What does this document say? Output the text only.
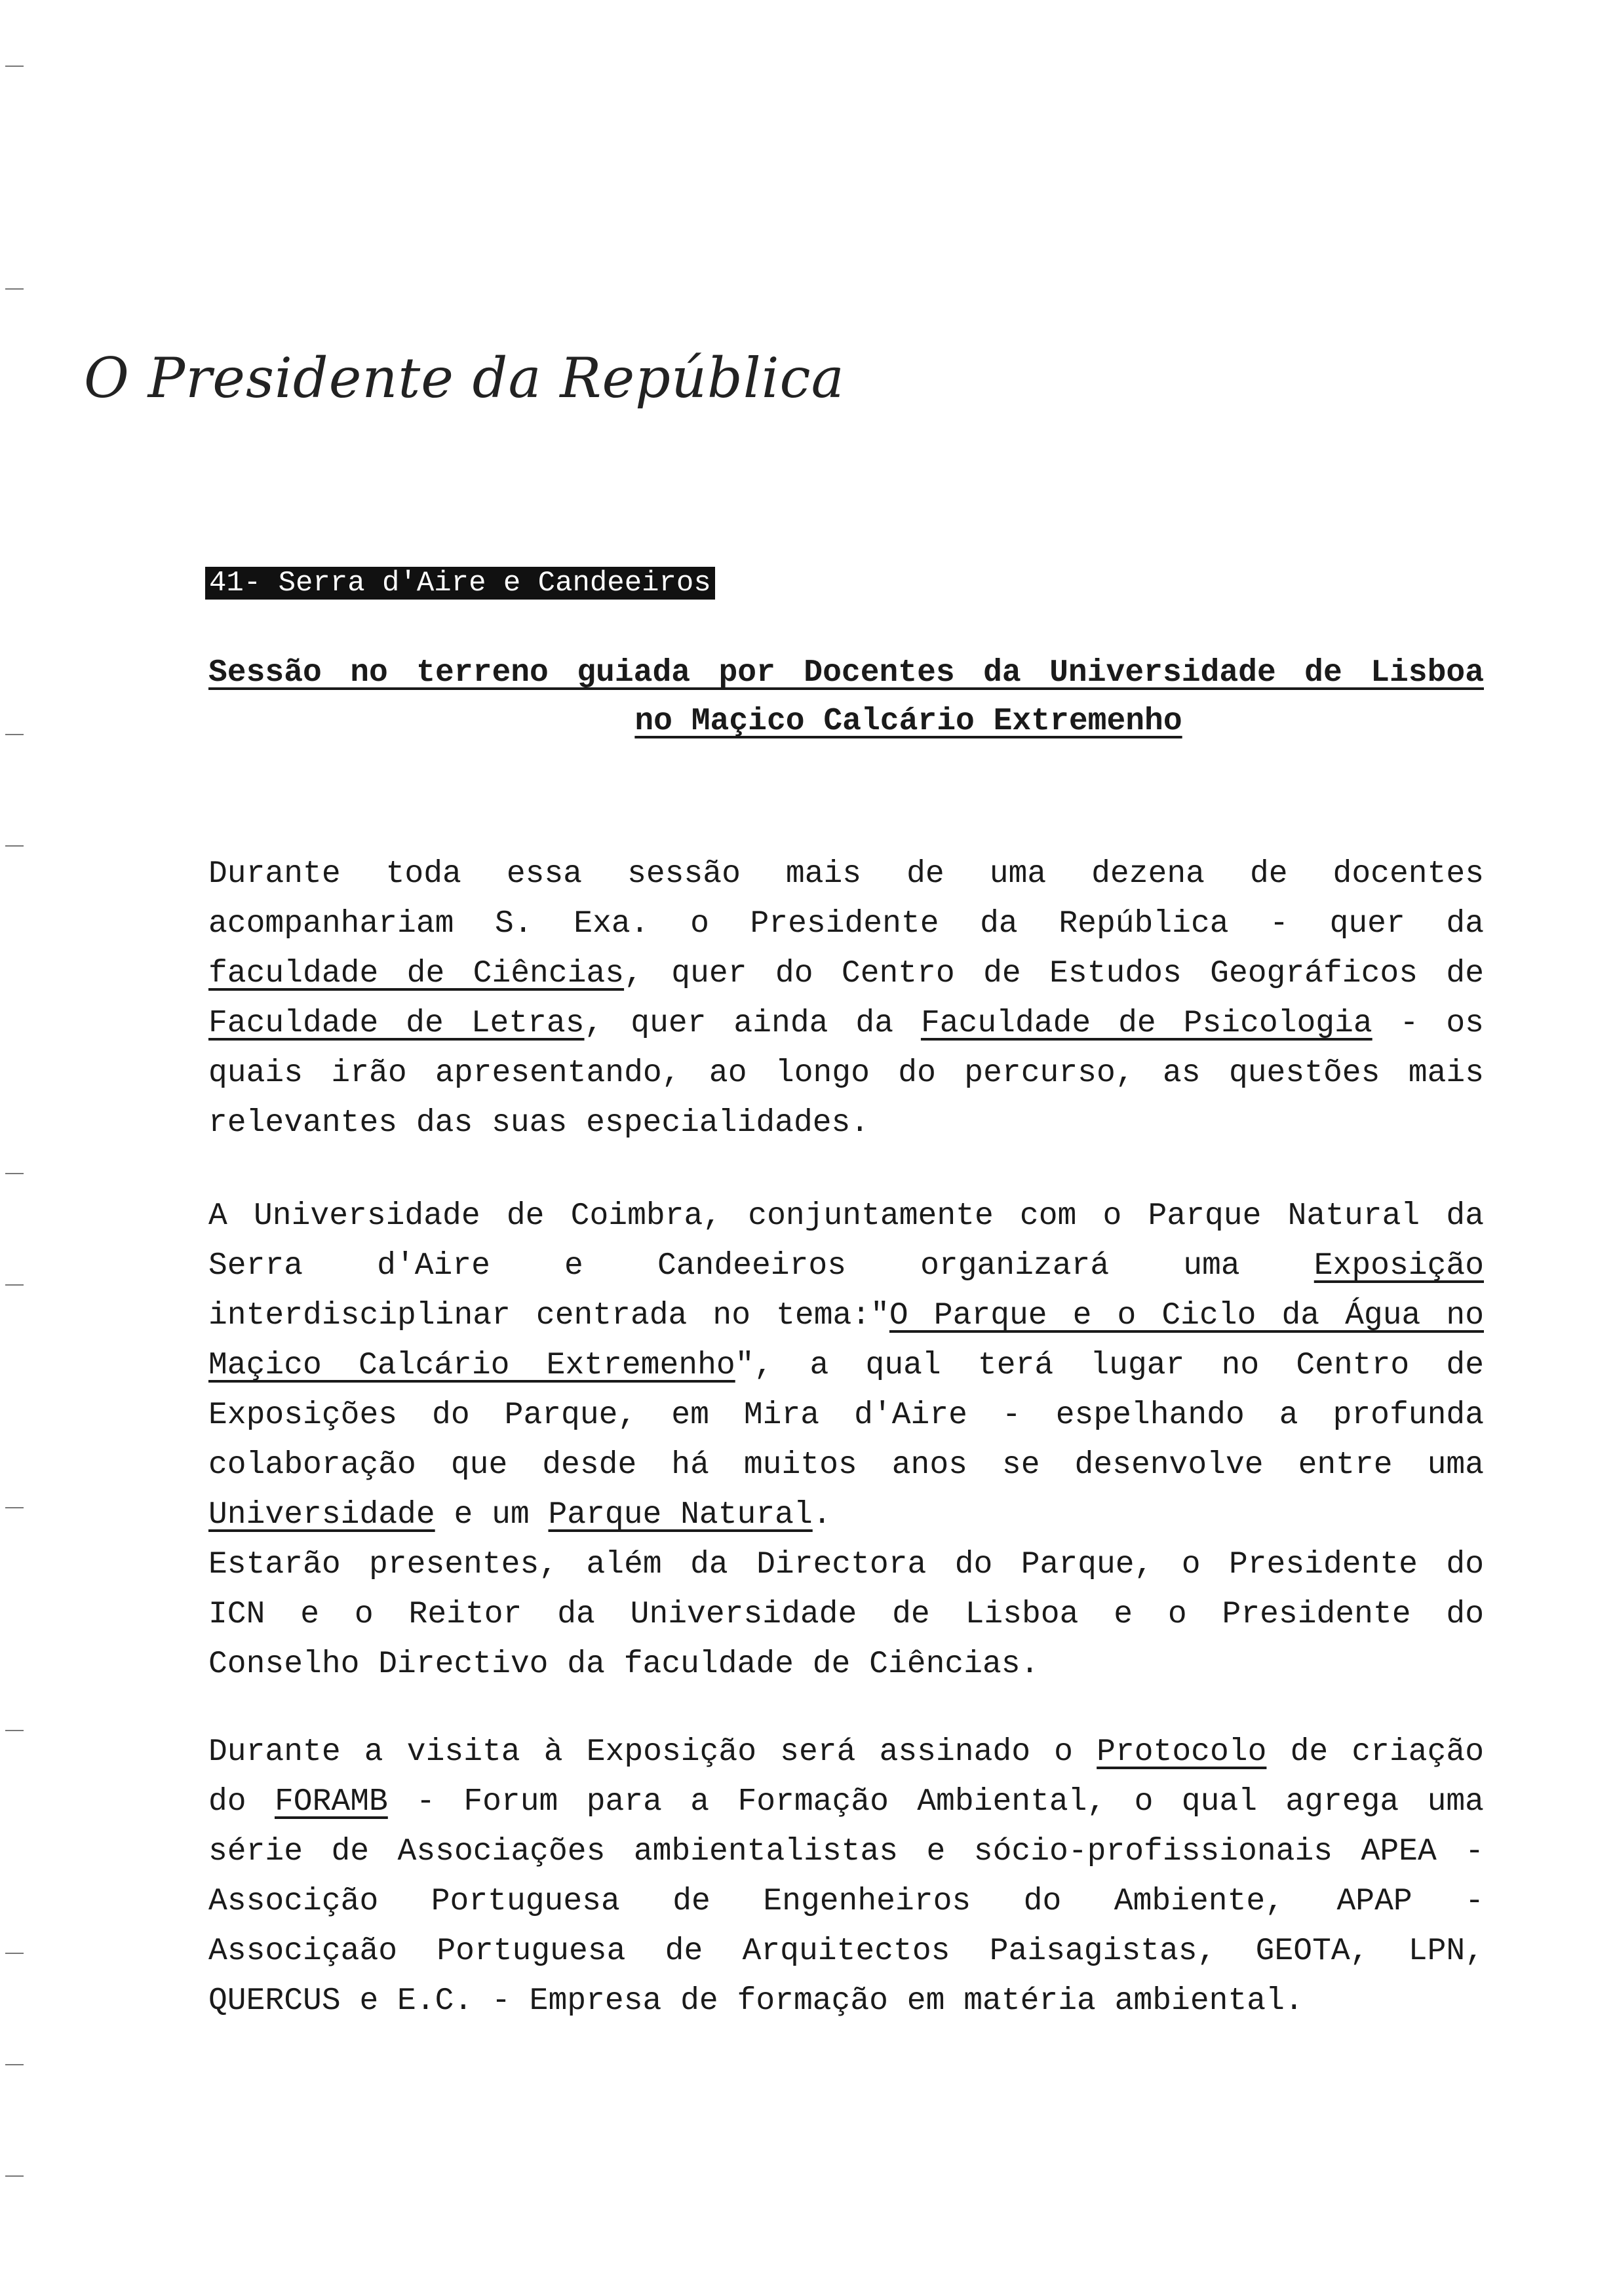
O Presidente da República
41- Serra d'Aire e Candeeiros
Sessão no terreno guiada por Docentes da Universidade de Lisboa
no Maçico Calcário Extremenho
Durante toda essa sessão mais de uma dezena de docentes
acompanhariam S. Exa. o Presidente da República - quer da
faculdade de Ciências, quer do Centro de Estudos Geográficos de
Faculdade de Letras, quer ainda da Faculdade de Psicologia - os
quais irão apresentando, ao longo do percurso, as questões mais
relevantes das suas especialidades.
A Universidade de Coimbra, conjuntamente com o Parque Natural da
Serra d'Aire e Candeeiros organizará uma Exposição
interdisciplinar centrada no tema:"O Parque e o Ciclo da Água no
Maçico Calcário Extremenho", a qual terá lugar no Centro de
Exposições do Parque, em Mira d'Aire - espelhando a profunda
colaboração que desde há muitos anos se desenvolve entre uma
Universidade e um Parque Natural.
Estarão presentes, além da Directora do Parque, o Presidente do
ICN e o Reitor da Universidade de Lisboa e o Presidente do
Conselho Directivo da faculdade de Ciências.
Durante a visita à Exposição será assinado o Protocolo de criação
do FORAMB - Forum para a Formação Ambiental, o qual agrega uma
série de Associações ambientalistas e sócio-profissionais APEA -
Associção Portuguesa de Engenheiros do Ambiente, APAP -
Associçaão Portuguesa de Arquitectos Paisagistas, GEOTA, LPN,
QUERCUS e E.C. - Empresa de formação em matéria ambiental.
